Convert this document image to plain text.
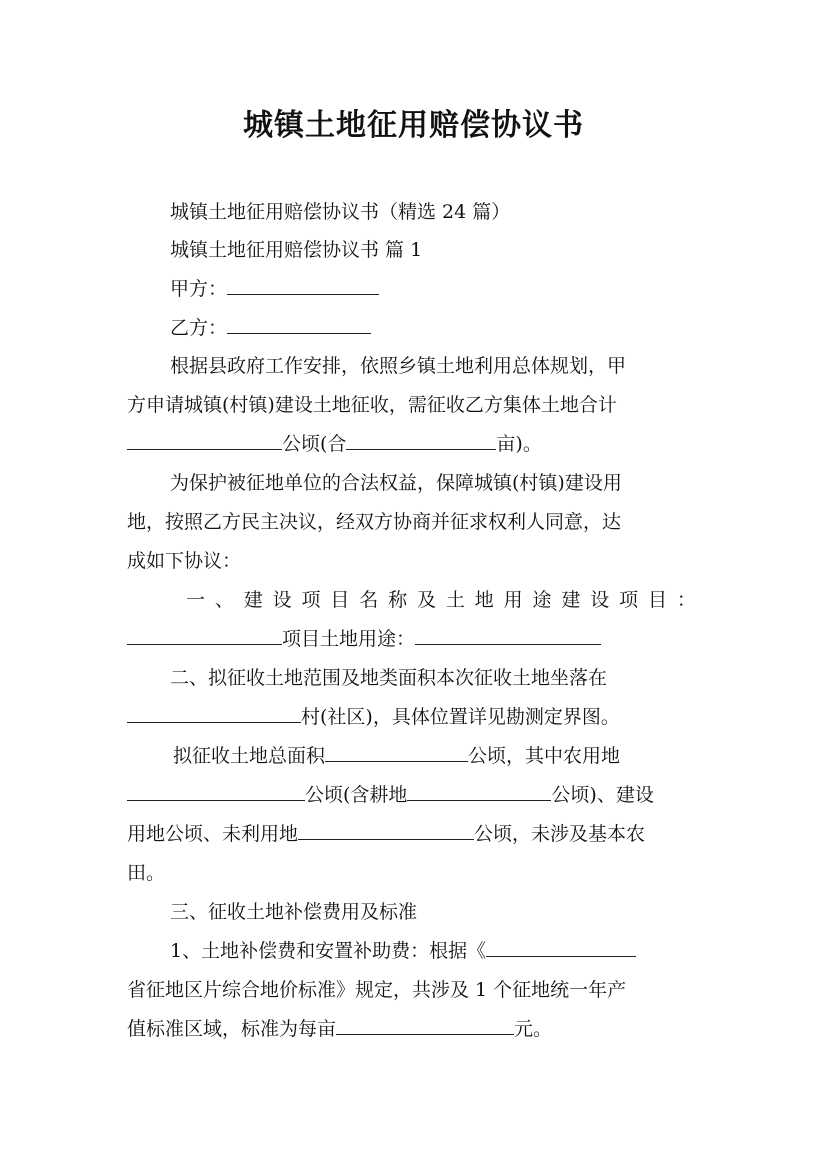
城镇土地征用赔偿协议书
城镇土地征用赔偿协议书（精选 24 篇）
城镇土地征用赔偿协议书 篇 1
甲方：
乙方：
根据县政府工作安排，依照乡镇土地利用总体规划，甲
方申请城镇(村镇)建设土地征收，需征收乙方集体土地合计
公顷(合	亩)。
为保护被征地单位的合法权益，保障城镇(村镇)建设用
地，按照乙方民主决议，经双方协商并征求权利人同意，达
成如下协议：
一 、 建 设 项 目 名 称 及 土 地 用 途 建 设 项 目 ：
项目土地用途：
二、拟征收土地范围及地类面积本次征收土地坐落在
村(社区)，具体位置详见勘测定界图。
拟征收土地总面积	公顷，其中农用地
公顷(含耕地	公顷)、建设
用地公顷、未利用地	公顷，未涉及基本农
田。
三、征收土地补偿费用及标准
1、土地补偿费和安置补助费：根据《
省征地区片综合地价标准》规定，共涉及 1 个征地统一年产
值标准区域，标准为每亩	元。
